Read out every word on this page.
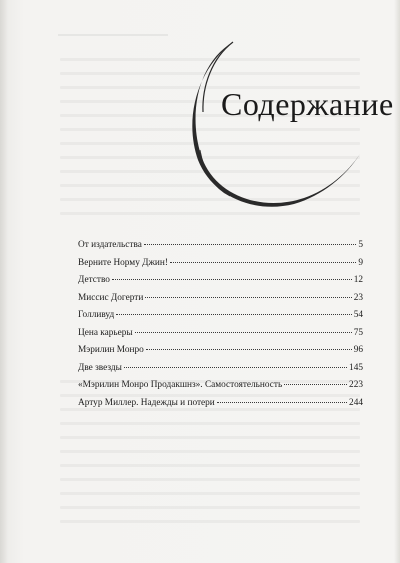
Содержание
От издательства	5
Верните Норму Джин!	9
Детство	12
Миссис Догерти	23
Голливуд	54
Цена карьеры	75
Мэрилин Монро	96
Две звезды	145
«Мэрилин Монро Продакшнз». Самостоятельность	223
Артур Миллер. Надежды и потери	244
